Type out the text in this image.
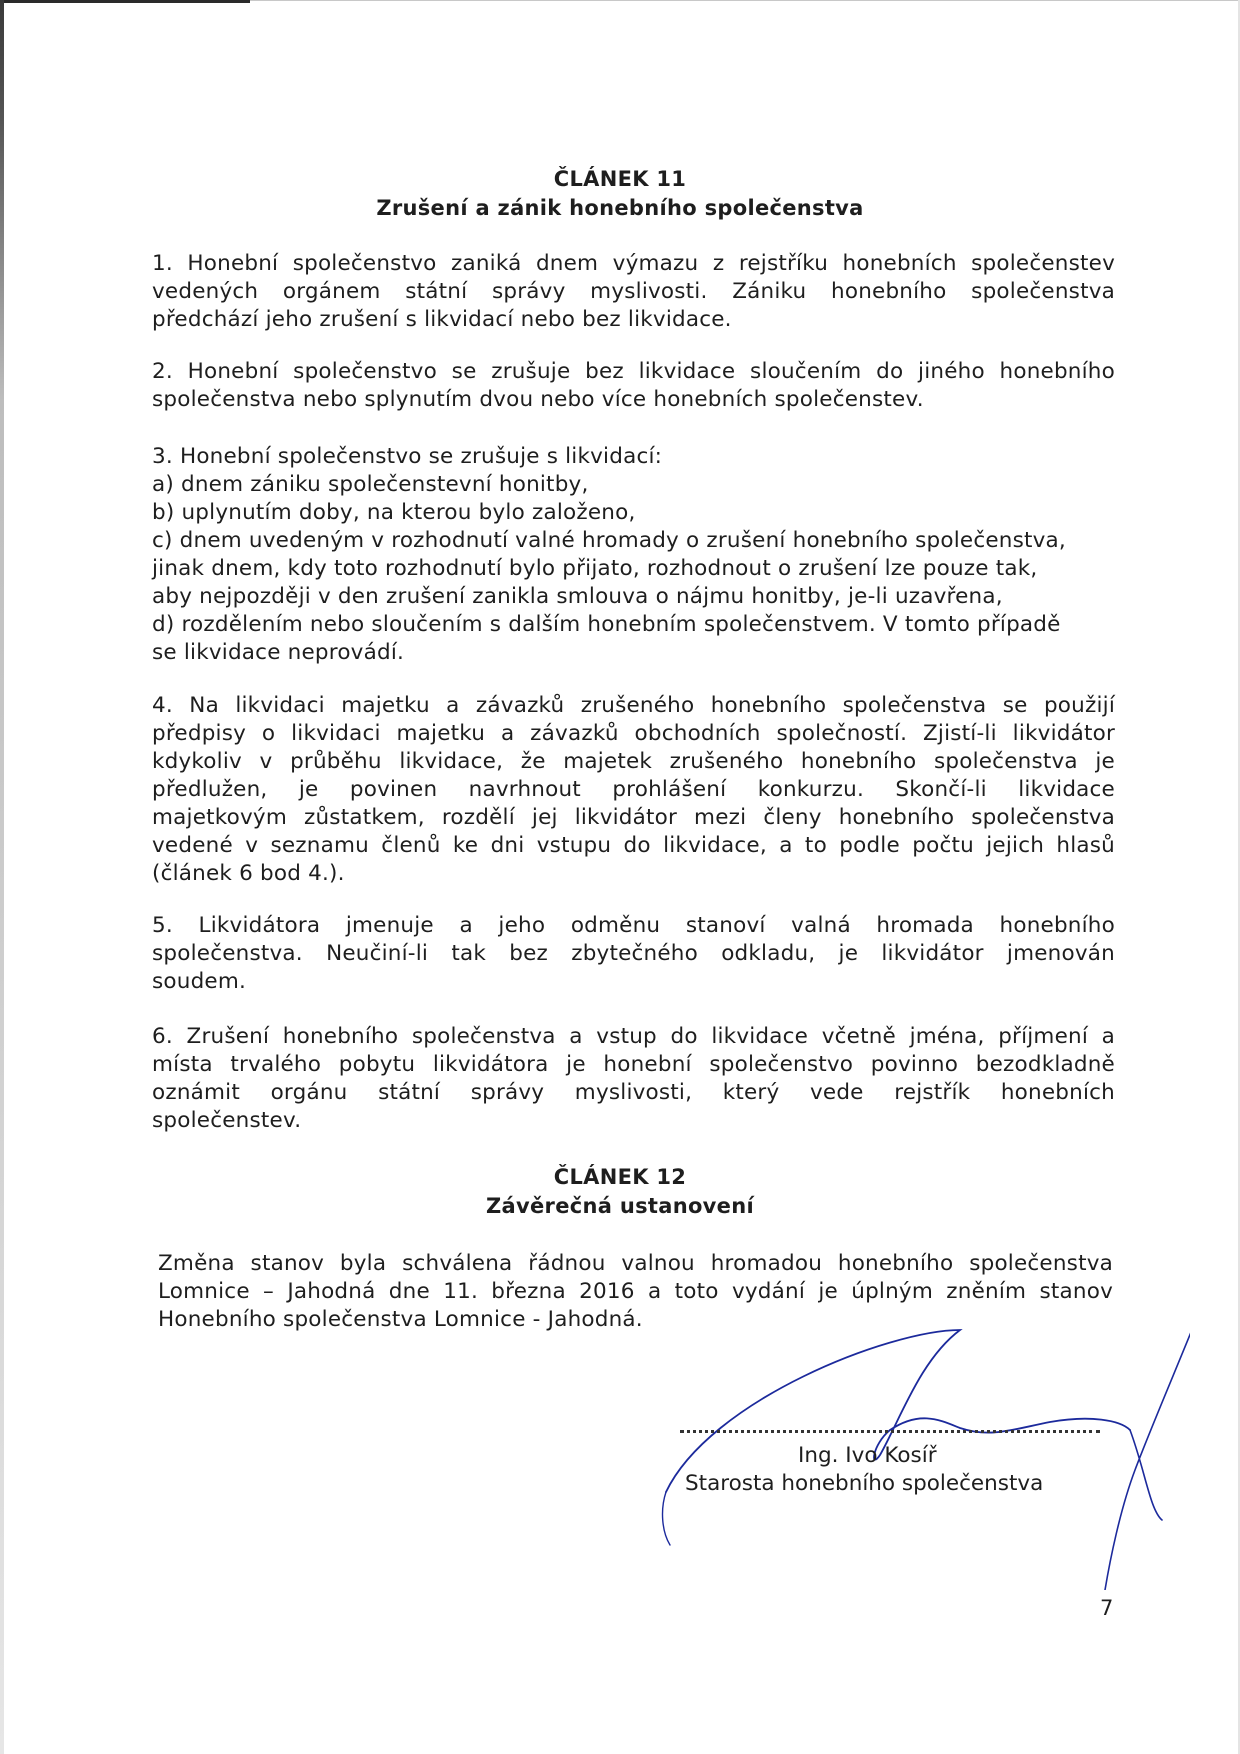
ČLÁNEK 11
Zrušení a zánik honebního společenstva
1. Honební společenstvo zaniká dnem výmazu z rejstříku honebních společenstev
vedených orgánem státní správy myslivosti. Zániku honebního společenstva
předchází jeho zrušení s likvidací nebo bez likvidace.
2. Honební společenstvo se zrušuje bez likvidace sloučením do jiného honebního
společenstva nebo splynutím dvou nebo více honebních společenstev.
3. Honební společenstvo se zrušuje s likvidací:
a) dnem zániku společenstevní honitby,
b) uplynutím doby, na kterou bylo založeno,
c) dnem uvedeným v rozhodnutí valné hromady o zrušení honebního společenstva,
jinak dnem, kdy toto rozhodnutí bylo přijato, rozhodnout o zrušení lze pouze tak,
aby nejpozději v den zrušení zanikla smlouva o nájmu honitby, je-li uzavřena,
d) rozdělením nebo sloučením s dalším honebním společenstvem. V tomto případě
se likvidace neprovádí.
4. Na likvidaci majetku a závazků zrušeného honebního společenstva se použijí
předpisy o likvidaci majetku a závazků obchodních společností. Zjistí-li likvidátor
kdykoliv v průběhu likvidace, že majetek zrušeného honebního společenstva je
předlužen, je povinen navrhnout prohlášení konkurzu. Skončí-li likvidace
majetkovým zůstatkem, rozdělí jej likvidátor mezi členy honebního společenstva
vedené v seznamu členů ke dni vstupu do likvidace, a to podle počtu jejich hlasů
(článek 6 bod 4.).
5. Likvidátora jmenuje a jeho odměnu stanoví valná hromada honebního
společenstva. Neučiní-li tak bez zbytečného odkladu, je likvidátor jmenován
soudem.
6. Zrušení honebního společenstva a vstup do likvidace včetně jména, příjmení a
místa trvalého pobytu likvidátora je honební společenstvo povinno bezodkladně
oznámit orgánu státní správy myslivosti, který vede rejstřík honebních
společenstev.
ČLÁNEK 12
Závěrečná ustanovení
Změna stanov byla schválena řádnou valnou hromadou honebního společenstva
Lomnice – Jahodná dne 11. března 2016 a toto vydání je úplným zněním stanov
Honebního společenstva Lomnice - Jahodná.
Ing. Ivo Kosíř
Starosta honebního společenstva
7
